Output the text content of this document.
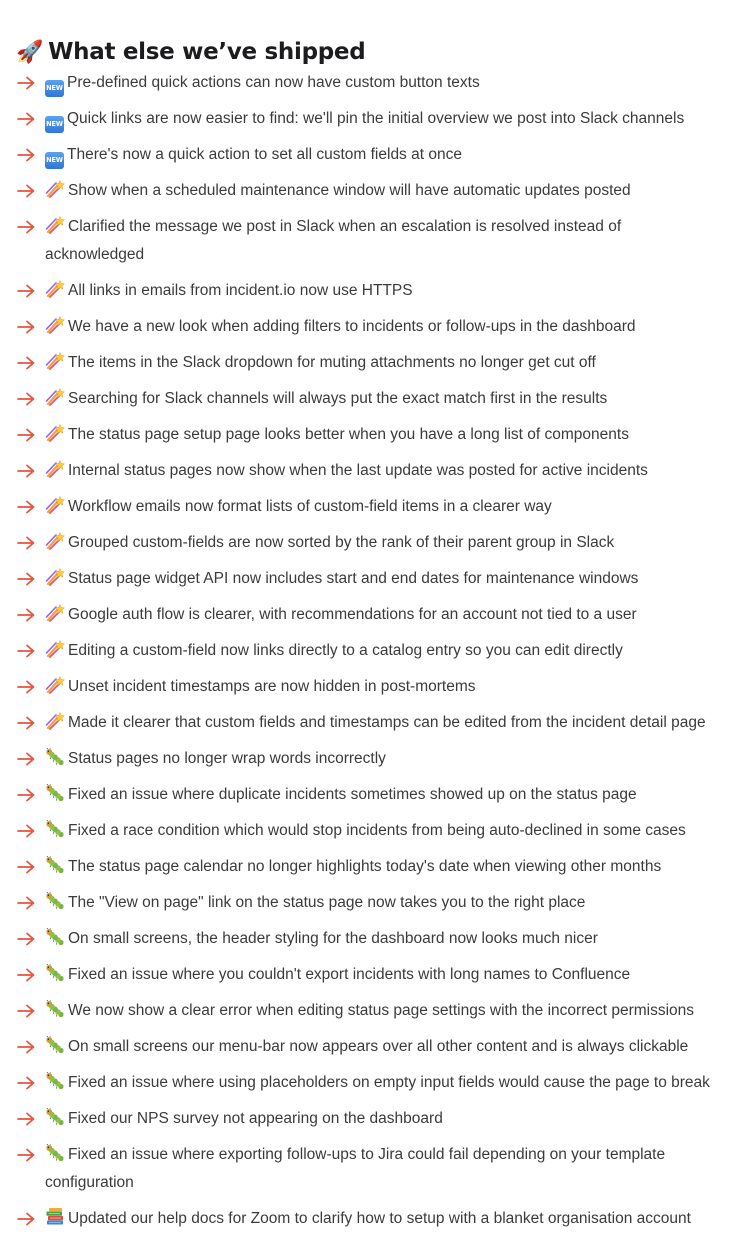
🚀 What else we’ve shipped
NEW Pre-defined quick actions can now have custom button texts
NEW Quick links are now easier to find: we'll pin the initial overview we post into Slack channels
NEW There's now a quick action to set all custom fields at once
Show when a scheduled maintenance window will have automatic updates posted
Clarified the message we post in Slack when an escalation is resolved instead of acknowledged
All links in emails from incident.io now use HTTPS
We have a new look when adding filters to incidents or follow-ups in the dashboard
The items in the Slack dropdown for muting attachments no longer get cut off
Searching for Slack channels will always put the exact match first in the results
The status page setup page looks better when you have a long list of components
Internal status pages now show when the last update was posted for active incidents
Workflow emails now format lists of custom-field items in a clearer way
Grouped custom-fields are now sorted by the rank of their parent group in Slack
Status page widget API now includes start and end dates for maintenance windows
Google auth flow is clearer, with recommendations for an account not tied to a user
Editing a custom-field now links directly to a catalog entry so you can edit directly
Unset incident timestamps are now hidden in post-mortems
Made it clearer that custom fields and timestamps can be edited from the incident detail page
Status pages no longer wrap words incorrectly
Fixed an issue where duplicate incidents sometimes showed up on the status page
Fixed a race condition which would stop incidents from being auto-declined in some cases
The status page calendar no longer highlights today's date when viewing other months
The "View on page" link on the status page now takes you to the right place
On small screens, the header styling for the dashboard now looks much nicer
Fixed an issue where you couldn't export incidents with long names to Confluence
We now show a clear error when editing status page settings with the incorrect permissions
On small screens our menu-bar now appears over all other content and is always clickable
Fixed an issue where using placeholders on empty input fields would cause the page to break
Fixed our NPS survey not appearing on the dashboard
Fixed an issue where exporting follow-ups to Jira could fail depending on your template configuration
Updated our help docs for Zoom to clarify how to setup with a blanket organisation account
